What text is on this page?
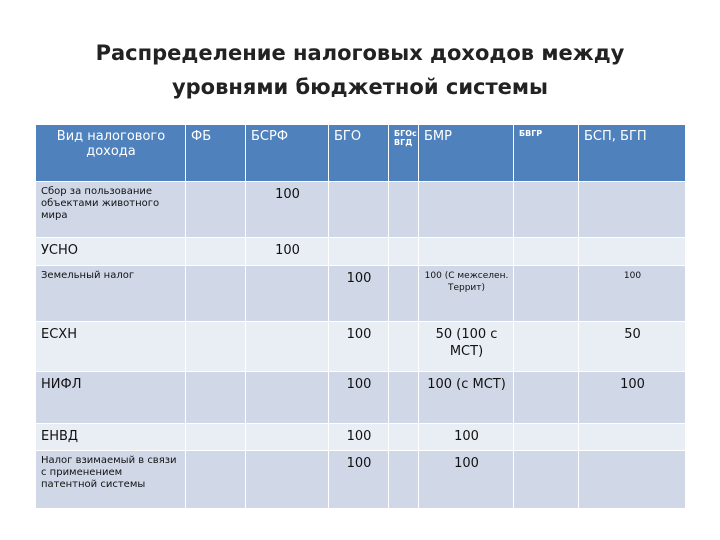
Распределение налоговых доходов между
уровнями бюджетной системы
Вид налогового дохода	ФБ	БСРФ	БГО	БГОс ВГД	БМР	БВГР	БСП, БГП
Сбор за пользование объектами животного мира		100					
УСНО		100					
Земельный налог			100		100 (С межселен. Террит)		100
ЕСХН			100		50 (100 с МСТ)		50
НИФЛ			100		100 (с МСТ)		100
ЕНВД			100		100		
Налог взимаемый в связи с применением патентной системы			100		100		
